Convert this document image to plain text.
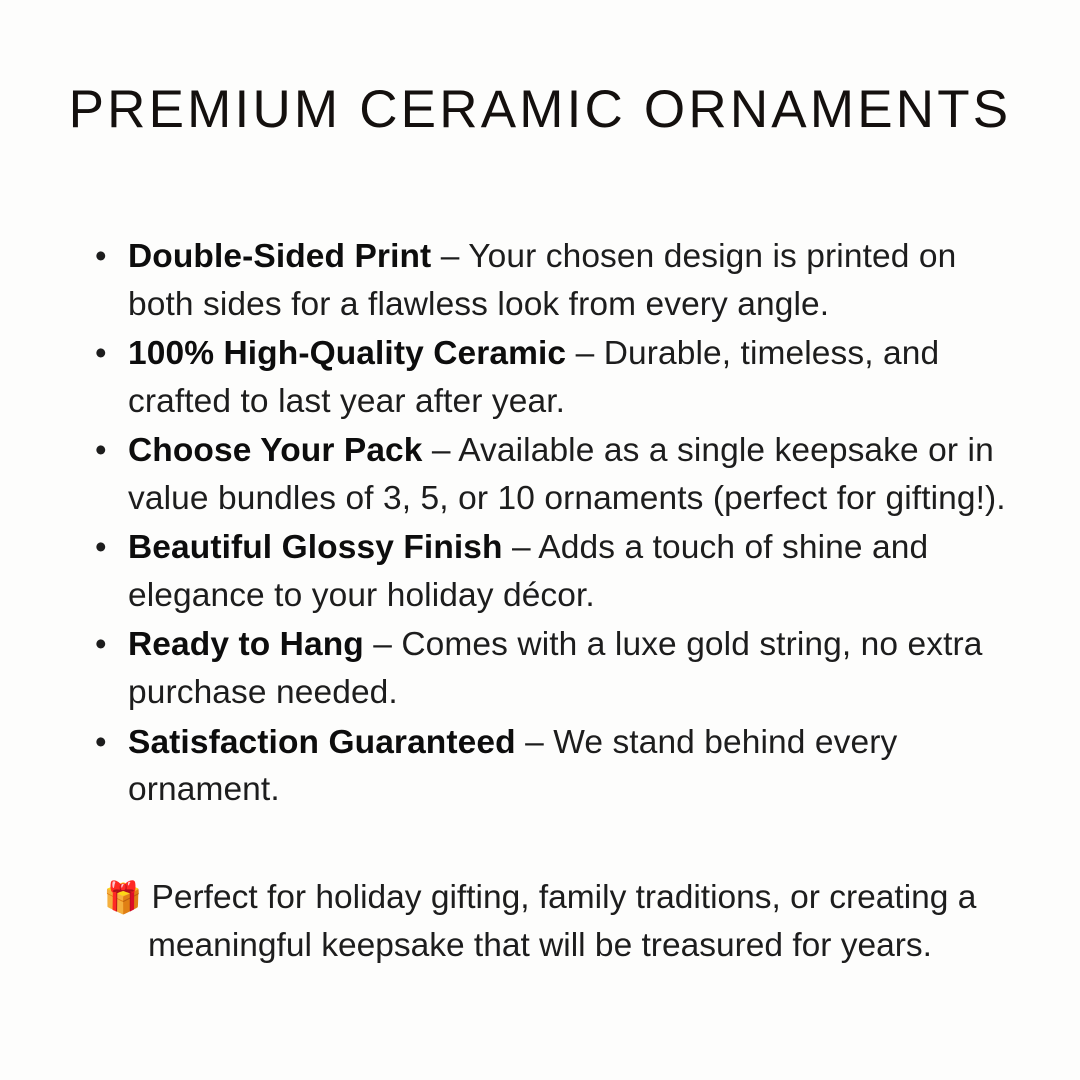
PREMIUM CERAMIC ORNAMENTS
• Double-Sided Print – Your chosen design is printed on both sides for a flawless look from every angle.
• 100% High-Quality Ceramic – Durable, timeless, and crafted to last year after year.
• Choose Your Pack – Available as a single keepsake or in value bundles of 3, 5, or 10 ornaments (perfect for gifting!).
• Beautiful Glossy Finish – Adds a touch of shine and elegance to your holiday décor.
• Ready to Hang – Comes with a luxe gold string, no extra purchase needed.
• Satisfaction Guaranteed – We stand behind every ornament.

🎁 Perfect for holiday gifting, family traditions, or creating a meaningful keepsake that will be treasured for years.
